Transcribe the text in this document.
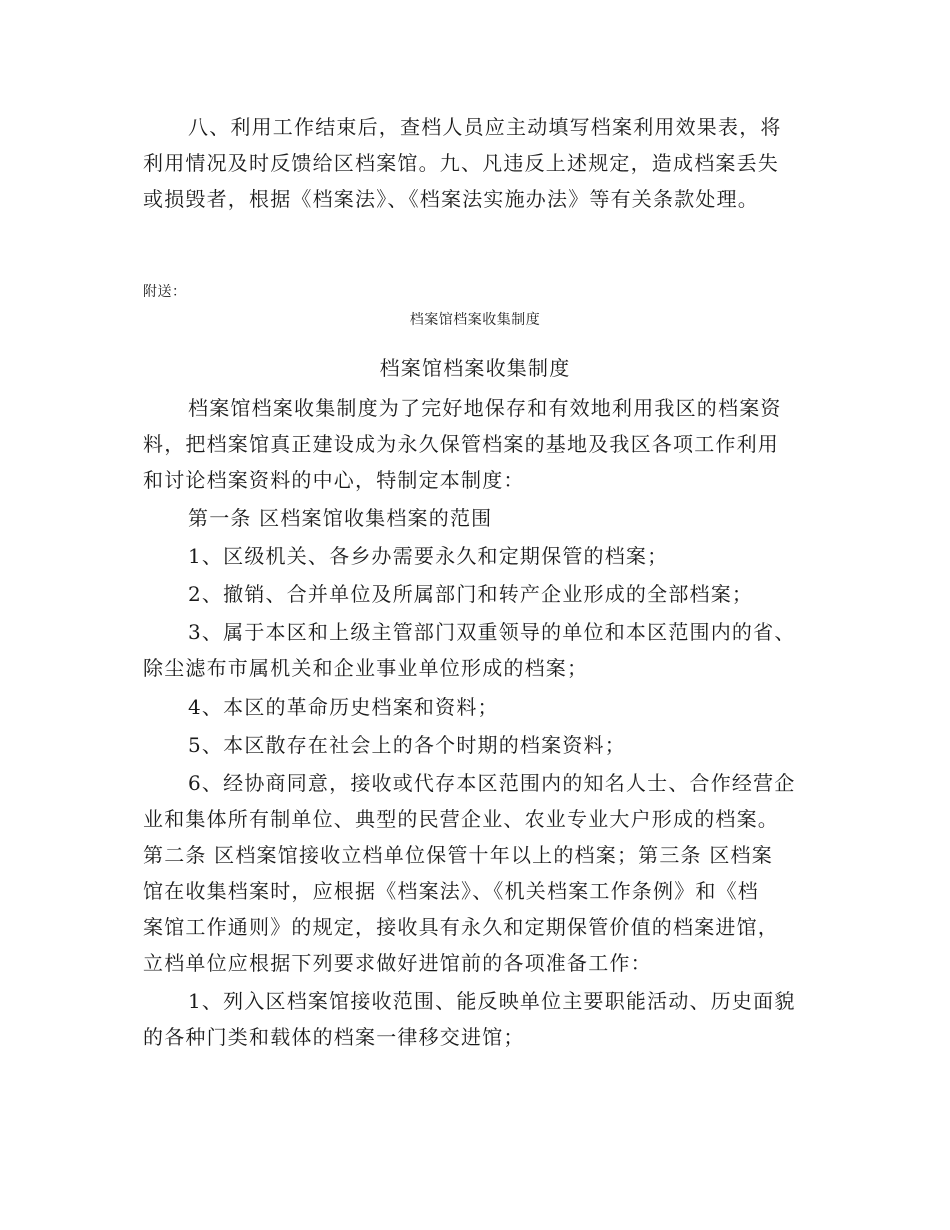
八、利用工作结束后，查档人员应主动填写档案利用效果表，将
利用情况及时反馈给区档案馆。九、凡违反上述规定，造成档案丢失
或损毁者，根据《档案法》、《档案法实施办法》等有关条款处理。
附送：
档案馆档案收集制度
档案馆档案收集制度
档案馆档案收集制度为了完好地保存和有效地利用我区的档案资
料，把档案馆真正建设成为永久保管档案的基地及我区各项工作利用
和讨论档案资料的中心，特制定本制度：
第一条 区档案馆收集档案的范围
1、区级机关、各乡办需要永久和定期保管的档案；
2、撤销、合并单位及所属部门和转产企业形成的全部档案；
3、属于本区和上级主管部门双重领导的单位和本区范围内的省、
除尘滤布市属机关和企业事业单位形成的档案；
4、本区的革命历史档案和资料；
5、本区散存在社会上的各个时期的档案资料；
6、经协商同意，接收或代存本区范围内的知名人士、合作经营企
业和集体所有制单位、典型的民营企业、农业专业大户形成的档案。
第二条 区档案馆接收立档单位保管十年以上的档案；第三条 区档案
馆在收集档案时，应根据《档案法》、《机关档案工作条例》和《档
案馆工作通则》的规定，接收具有永久和定期保管价值的档案进馆，
立档单位应根据下列要求做好进馆前的各项准备工作：
1、列入区档案馆接收范围、能反映单位主要职能活动、历史面貌
的各种门类和载体的档案一律移交进馆；
